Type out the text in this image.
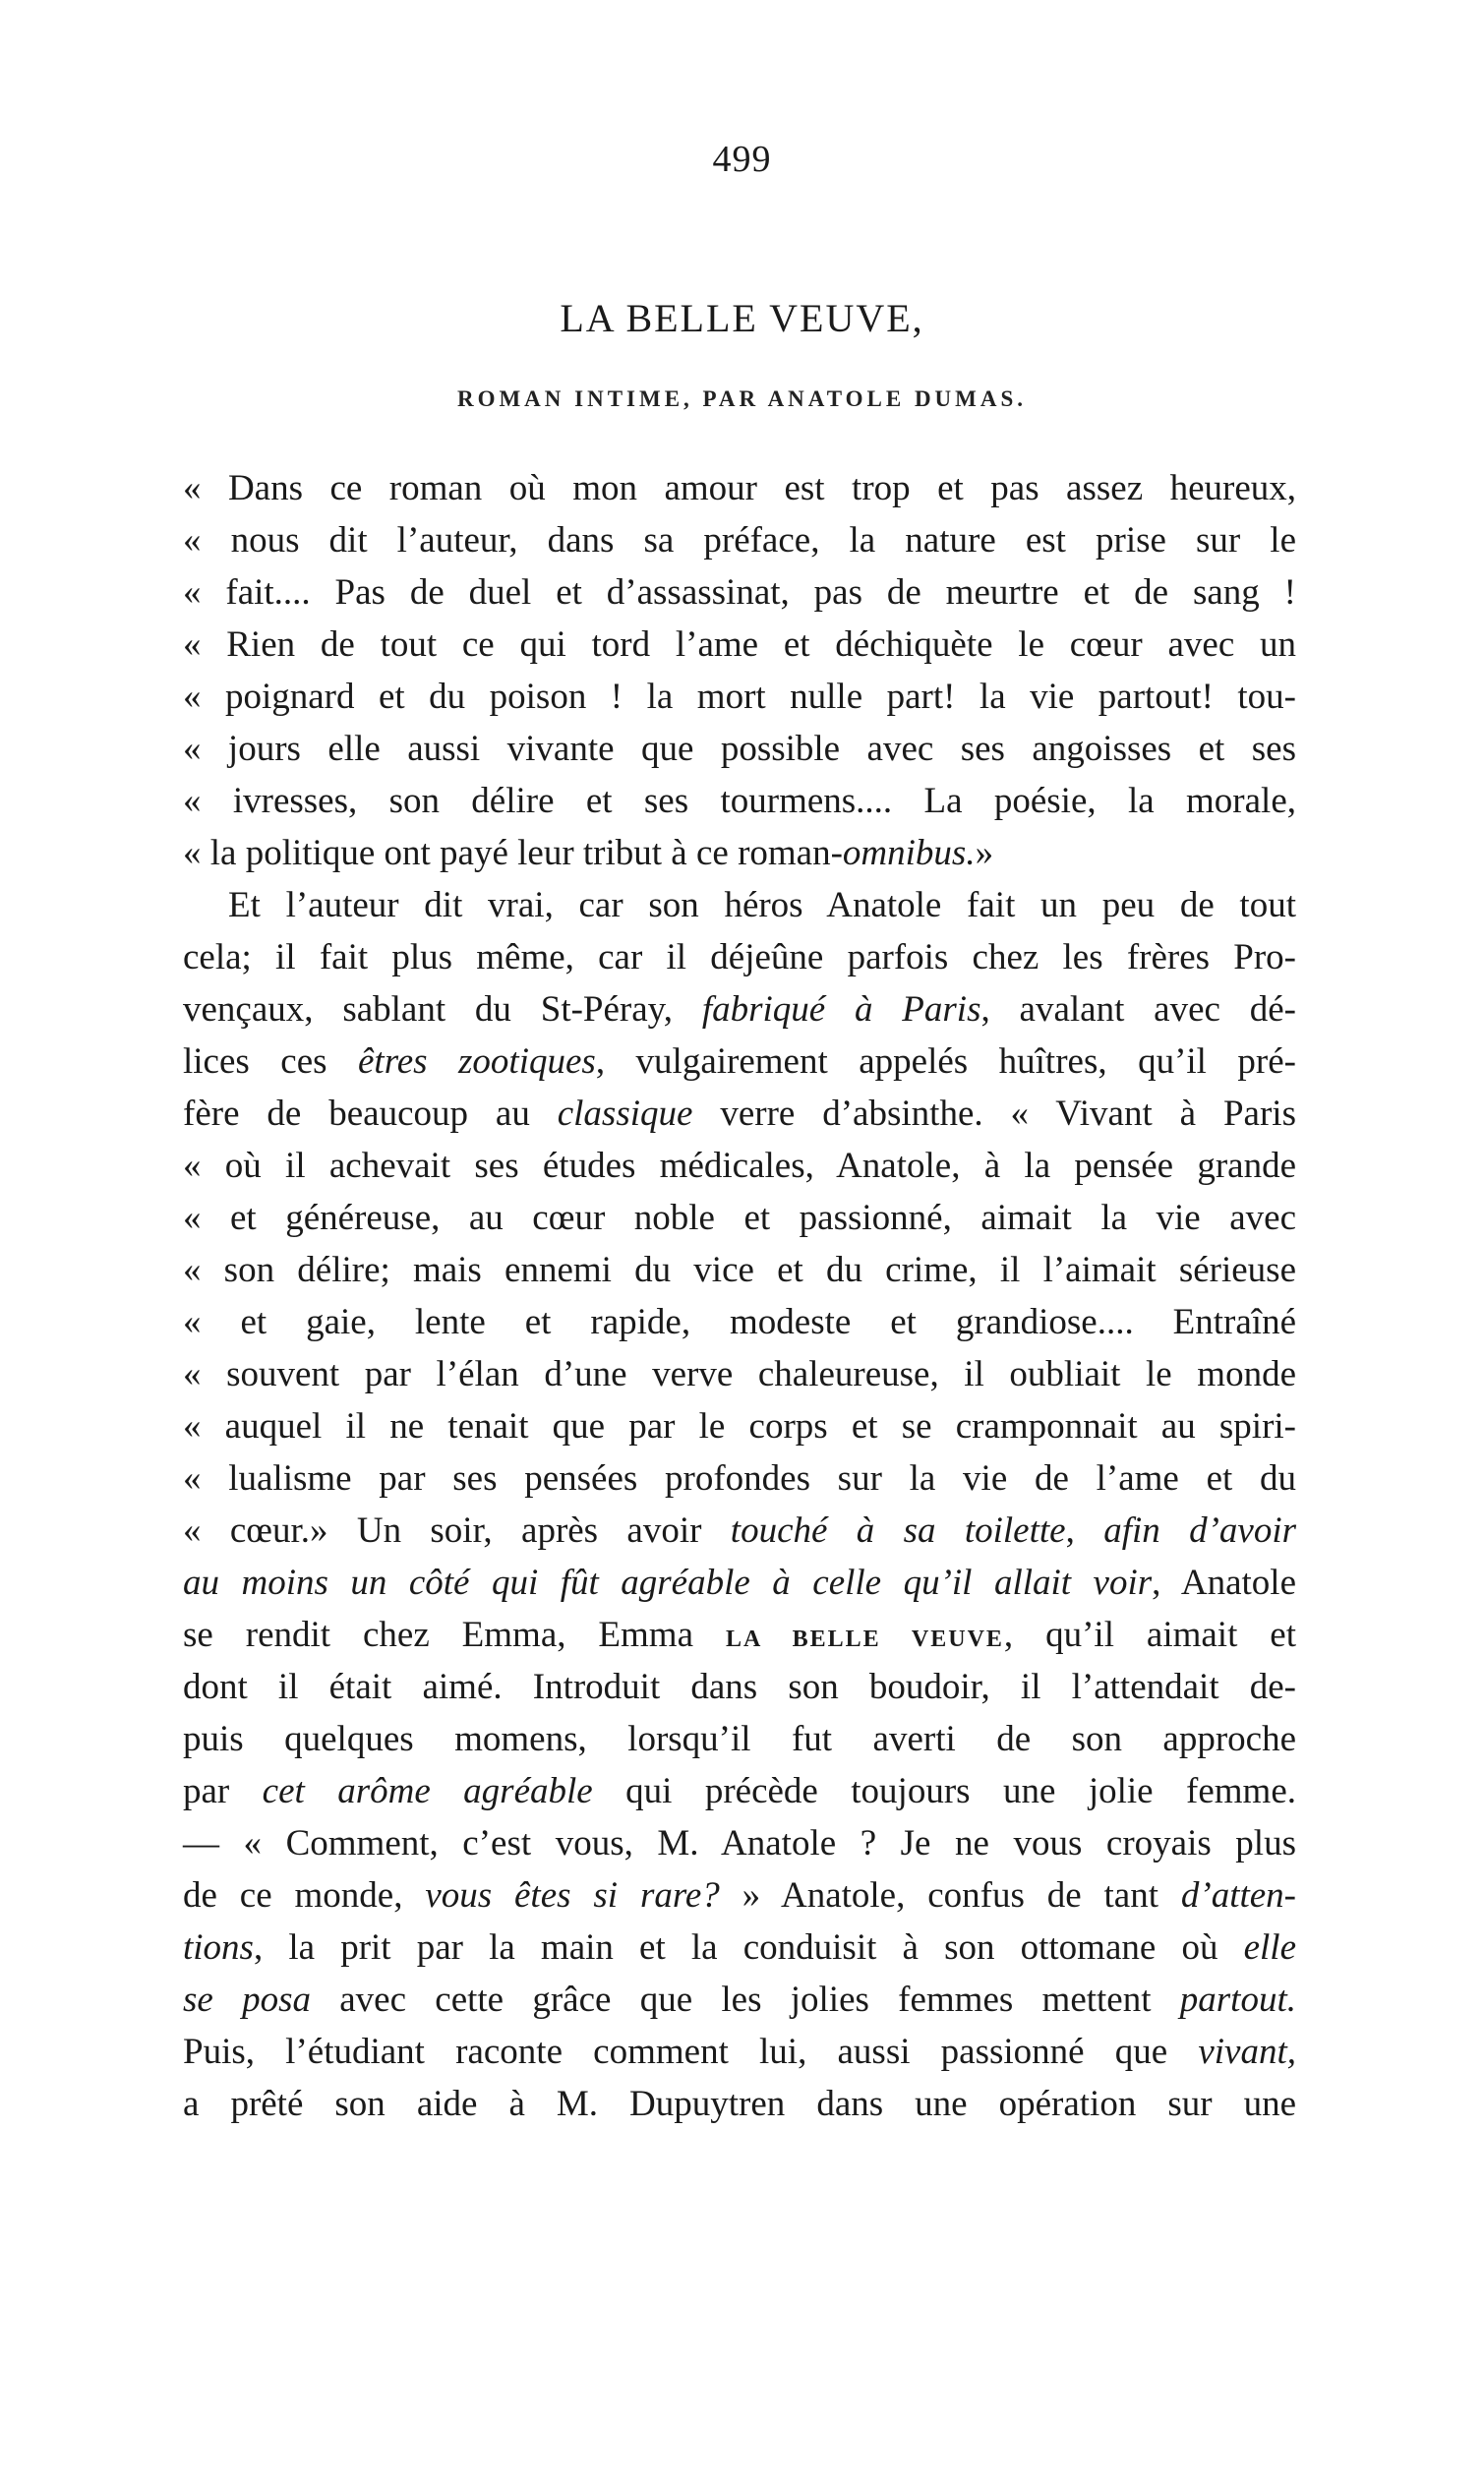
499
LA BELLE VEUVE,
ROMAN INTIME, PAR ANATOLE DUMAS.
« Dans ce roman où mon amour est trop et pas assez heureux,
« nous dit l’auteur, dans sa préface, la nature est prise sur le
« fait.... Pas de duel et d’assassinat, pas de meurtre et de sang !
« Rien de tout ce qui tord l’ame et déchiquète le cœur avec un
« poignard et du poison ! la mort nulle part! la vie partout! tou-
« jours elle aussi vivante que possible avec ses angoisses et ses
« ivresses, son délire et ses tourmens.... La poésie, la morale,
« la politique ont payé leur tribut à ce roman-omnibus.»
Et l’auteur dit vrai, car son héros Anatole fait un peu de tout
cela; il fait plus même, car il déjeûne parfois chez les frères Pro-
vençaux, sablant du St-Péray, fabriqué à Paris, avalant avec dé-
lices ces êtres zootiques, vulgairement appelés huîtres, qu’il pré-
fère de beaucoup au classique verre d’absinthe. « Vivant à Paris
« où il achevait ses études médicales, Anatole, à la pensée grande
« et généreuse, au cœur noble et passionné, aimait la vie avec
« son délire; mais ennemi du vice et du crime, il l’aimait sérieuse
« et gaie, lente et rapide, modeste et grandiose.... Entraîné
« souvent par l’élan d’une verve chaleureuse, il oubliait le monde
« auquel il ne tenait que par le corps et se cramponnait au spiri-
« lualisme par ses pensées profondes sur la vie de l’ame et du
« cœur.» Un soir, après avoir touché à sa toilette, afin d’avoir
au moins un côté qui fût agréable à celle qu’il allait voir, Anatole
se rendit chez Emma, Emma LA BELLE VEUVE, qu’il aimait et
dont il était aimé. Introduit dans son boudoir, il l’attendait de-
puis quelques momens, lorsqu’il fut averti de son approche
par cet arôme agréable qui précède toujours une jolie femme.
— « Comment, c’est vous, M. Anatole ? Je ne vous croyais plus
de ce monde, vous êtes si rare? » Anatole, confus de tant d’atten-
tions, la prit par la main et la conduisit à son ottomane où elle
se posa avec cette grâce que les jolies femmes mettent partout.
Puis, l’étudiant raconte comment lui, aussi passionné que vivant,
a prêté son aide à M. Dupuytren dans une opération sur une
